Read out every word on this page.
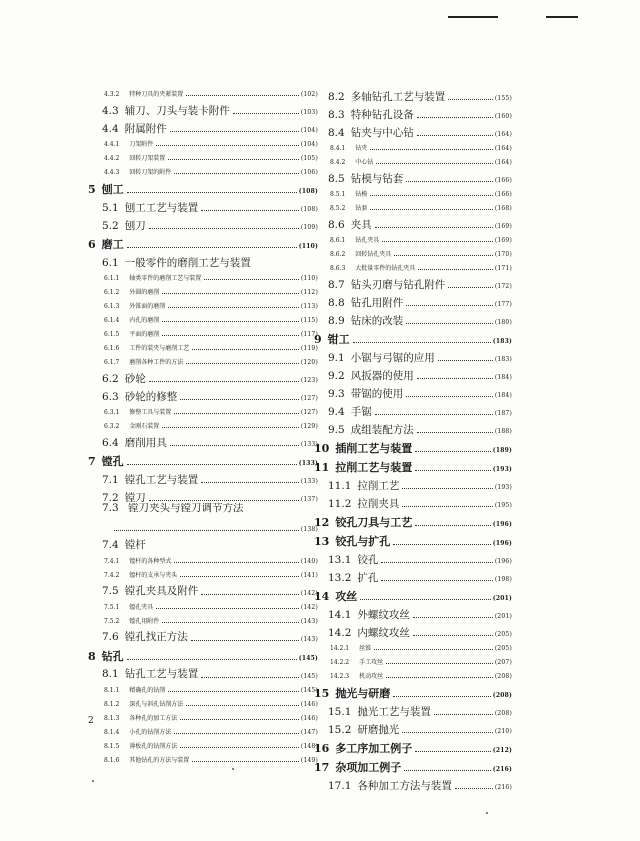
4.3.2 特种刀具的夹紧装置	(102)
4.3 辅刀、刀头与装卡附件	(103)
4.4 附属附件	(104)
4.4.1 刀架附件	(104)
4.4.2 回转刀架装置	(105)
4.4.3 回转刀架的附件	(106)
5 刨工	(108)
5.1 刨工工艺与装置	(108)
5.2 刨刀	(109)
6 磨工	(110)
6.1 一般零件的磨削工艺与装置
6.1.1 轴类零件的磨削工艺与装置	(110)
6.1.2 外圆的磨削	(112)
6.1.3 外锥面的磨削	(113)
6.1.4 内孔的磨削	(115)
6.1.5 平面的磨削	(117)
6.1.6 工件的装夹与磨削工艺	(119)
6.1.7 磨削各种工件的方法	(120)
6.2 砂轮	(123)
6.3 砂轮的修整	(127)
6.3.1 修整工具与装置	(127)
6.3.2 金刚石装置	(129)
6.4 磨削用具	(133)
7 镗孔	(133)
7.1 镗孔工艺与装置	(133)
7.2 镗刀	(137)
7.3 镗刀夹头与镗刀调节方法
(138)
7.4 镗杆
7.4.1 镗杆的各种型式	(140)
7.4.2 镗杆的支承与夹头	(141)
7.5 镗孔夹具及附件	(142)
7.5.1 镗孔夹具	(142)
7.5.2 镗孔用附件	(143)
7.6 镗孔找正方法	(143)
8 钻孔	(145)
8.1 钻孔工艺与装置	(145)
8.1.1 精确孔的钻削	(145)
8.1.2 深孔与斜孔钻削方法	(146)
8.1.3 各种孔的加工方法	(146)
8.1.4 小孔的钻削方法	(147)
8.1.5 薄板孔的钻削方法	(148)
8.1.6 其他钻孔的方法与装置	(149)
8.2 多轴钻孔工艺与装置	(155)
8.3 特种钻孔设备	(160)
8.4 钻夹与中心钻	(164)
8.4.1 钻夹	(164)
8.4.2 中心钻	(164)
8.5 钻模与钻套	(166)
8.5.1 钻模	(166)
8.5.2 钻套	(168)
8.6 夹具	(169)
8.6.1 钻孔夹具	(169)
8.6.2 回转钻孔夹具	(170)
8.6.3 大批量零件的钻孔夹具	(171)
8.7 钻头刃磨与钻孔附件	(172)
8.8 钻孔用附件	(177)
8.9 钻床的改装	(180)
9 钳工	(183)
9.1 小锯与弓锯的应用	(183)
9.2 风扳器的使用	(184)
9.3 带锯的使用	(184)
9.4 手锯	(187)
9.5 成组装配方法	(188)
10 插削工艺与装置	(189)
11 拉削工艺与装置	(193)
11.1 拉削工艺	(193)
11.2 拉削夹具	(195)
12 铰孔刀具与工艺	(196)
13 铰孔与扩孔	(196)
13.1 铰孔	(196)
13.2 扩孔	(198)
14 攻丝	(201)
14.1 外螺纹攻丝	(201)
14.2 内螺纹攻丝	(205)
14.2.1 丝锥	(205)
14.2.2 手工攻丝	(207)
14.2.3 机动攻丝	(208)
15 抛光与研磨	(208)
15.1 抛光工艺与装置	(208)
15.2 研磨抛光	(210)
16 多工序加工例子	(212)
17 杂项加工例子	(216)
17.1 各种加工方法与装置	(216)
2
